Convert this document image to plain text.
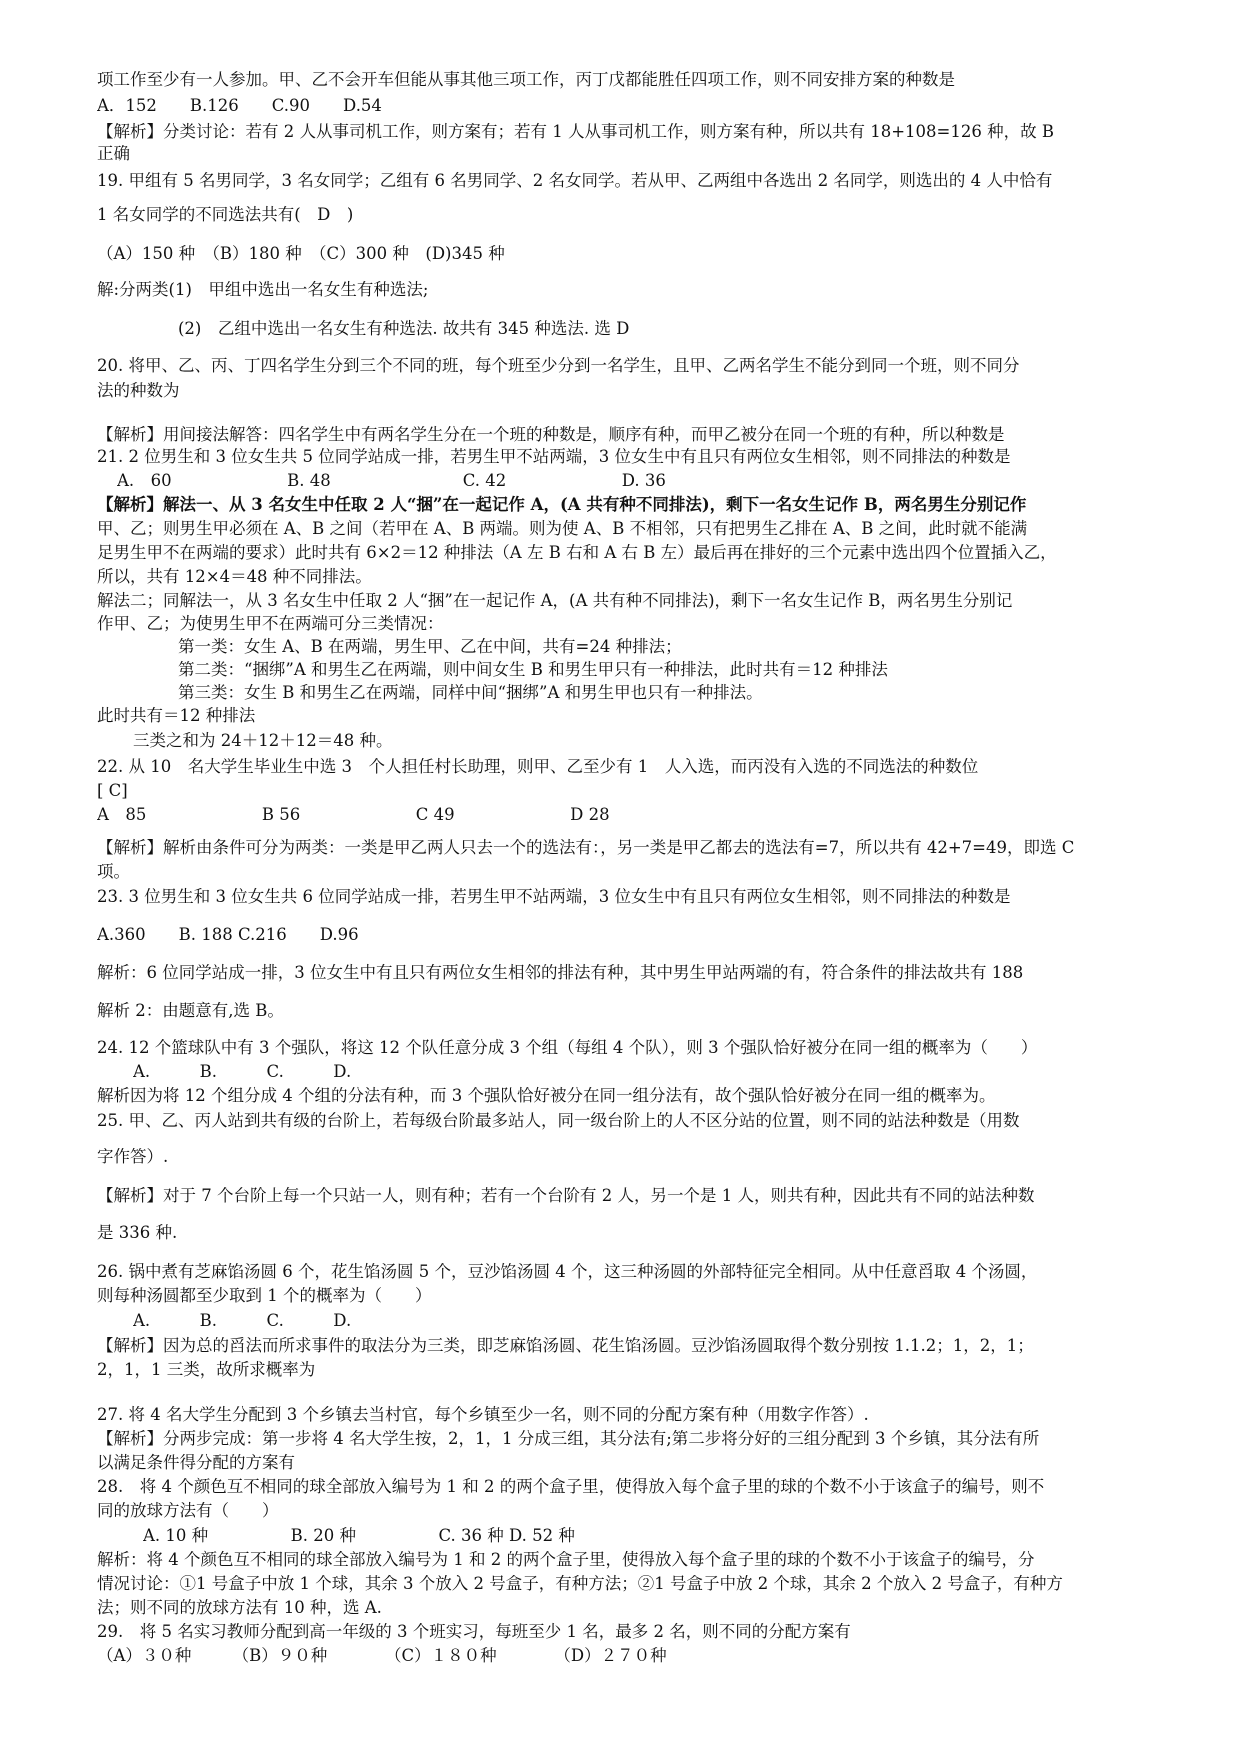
项工作至少有一人参加。甲、乙不会开车但能从事其他三项工作，丙丁戊都能胜任四项工作，则不同安排方案的种数是
A．152　　B.126　　C.90　　D.54
【解析】分类讨论：若有 2 人从事司机工作，则方案有；若有 1 人从事司机工作，则方案有种，所以共有 18+108=126 种，故 B
正确
19. 甲组有 5 名男同学，3 名女同学；乙组有 6 名男同学、2 名女同学。若从甲、乙两组中各选出 2 名同学，则选出的 4 人中恰有
1 名女同学的不同选法共有(　D　)
（A）150 种　（B）180 种　（C）300 种　(D)345 种
解:分两类(1)　甲组中选出一名女生有种选法;
(2)　乙组中选出一名女生有种选法. 故共有 345 种选法. 选 D
20. 将甲、乙、丙、丁四名学生分到三个不同的班，每个班至少分到一名学生，且甲、乙两名学生不能分到同一个班，则不同分
法的种数为
【解析】用间接法解答：四名学生中有两名学生分在一个班的种数是，顺序有种，而甲乙被分在同一个班的有种，所以种数是
21. 2 位男生和 3 位女生共 5 位同学站成一排，若男生甲不站两端，3 位女生中有且只有两位女生相邻，则不同排法的种数是
A.　60　　　　　　　B. 48　　　　　　　　C. 42　　　　　　　D. 36
【解析】解法一、从 3 名女生中任取 2 人“捆”在一起记作 A，(A 共有种不同排法)，剩下一名女生记作 B，两名男生分别记作
甲、乙；则男生甲必须在 A、B 之间（若甲在 A、B 两端。则为使 A、B 不相邻，只有把男生乙排在 A、B 之间，此时就不能满
足男生甲不在两端的要求）此时共有 6×2＝12 种排法（A 左 B 右和 A 右 B 左）最后再在排好的三个元素中选出四个位置插入乙，
所以，共有 12×4＝48 种不同排法。
解法二；同解法一，从 3 名女生中任取 2 人“捆”在一起记作 A，(A 共有种不同排法)，剩下一名女生记作 B，两名男生分别记
作甲、乙；为使男生甲不在两端可分三类情况：
第一类：女生 A、B 在两端，男生甲、乙在中间，共有=24 种排法；
第二类：“捆绑”A 和男生乙在两端，则中间女生 B 和男生甲只有一种排法，此时共有＝12 种排法
第三类：女生 B 和男生乙在两端，同样中间“捆绑”A 和男生甲也只有一种排法。
此时共有＝12 种排法
三类之和为 24＋12＋12＝48 种。
22. 从 10　名大学生毕业生中选 3　个人担任村长助理，则甲、乙至少有 1　人入选，而丙没有入选的不同选法的种数位
[ C]
A　85　　　　　　　B 56　　　　　　　C 49　　　　　　　D 28
【解析】解析由条件可分为两类：一类是甲乙两人只去一个的选法有：，另一类是甲乙都去的选法有=7，所以共有 42+7=49，即选 C
项。
23. 3 位男生和 3 位女生共 6 位同学站成一排，若男生甲不站两端，3 位女生中有且只有两位女生相邻，则不同排法的种数是
A.360　　B. 188 C.216　　D.96
解析：6 位同学站成一排，3 位女生中有且只有两位女生相邻的排法有种，其中男生甲站两端的有，符合条件的排法故共有 188
解析 2：由题意有,选 B。
24. 12 个篮球队中有 3 个强队，将这 12 个队任意分成 3 个组（每组 4 个队），则 3 个强队恰好被分在同一组的概率为（　　）
A.　　　B.　　　C.　　　D.
解析因为将 12 个组分成 4 个组的分法有种，而 3 个强队恰好被分在同一组分法有，故个强队恰好被分在同一组的概率为。
25. 甲、乙、丙人站到共有级的台阶上，若每级台阶最多站人，同一级台阶上的人不区分站的位置，则不同的站法种数是（用数
字作答）.
【解析】对于 7 个台阶上每一个只站一人，则有种；若有一个台阶有 2 人，另一个是 1 人，则共有种，因此共有不同的站法种数
是 336 种.
26. 锅中煮有芝麻馅汤圆 6 个，花生馅汤圆 5 个，豆沙馅汤圆 4 个，这三种汤圆的外部特征完全相同。从中任意舀取 4 个汤圆，
则每种汤圆都至少取到 1 个的概率为（　　）
A.　　　B.　　　C.　　　D.
【解析】因为总的舀法而所求事件的取法分为三类，即芝麻馅汤圆、花生馅汤圆。豆沙馅汤圆取得个数分别按 1.1.2；1，2，1；
2，1，1 三类，故所求概率为
27. 将 4 名大学生分配到 3 个乡镇去当村官，每个乡镇至少一名，则不同的分配方案有种（用数字作答）.
【解析】分两步完成：第一步将 4 名大学生按，2，1，1 分成三组，其分法有;第二步将分好的三组分配到 3 个乡镇，其分法有所
以满足条件得分配的方案有
28.　将 4 个颜色互不相同的球全部放入编号为 1 和 2 的两个盒子里，使得放入每个盒子里的球的个数不小于该盒子的编号，则不
同的放球方法有（　　）
A. 10 种　　　　　B. 20 种　　　　　C. 36 种 D. 52 种
解析：将 4 个颜色互不相同的球全部放入编号为 1 和 2 的两个盒子里，使得放入每个盒子里的球的个数不小于该盒子的编号，分
情况讨论：①1 号盒子中放 1 个球，其余 3 个放入 2 号盒子，有种方法；②1 号盒子中放 2 个球，其余 2 个放入 2 号盒子，有种方
法；则不同的放球方法有 10 种，选 A.
29.　将 5 名实习教师分配到高一年级的 3 个班实习，每班至少 1 名，最多 2 名，则不同的分配方案有
（A）３０种　　　（B）９０种　　　　（C）１８０种　　　　（D）２７０种
